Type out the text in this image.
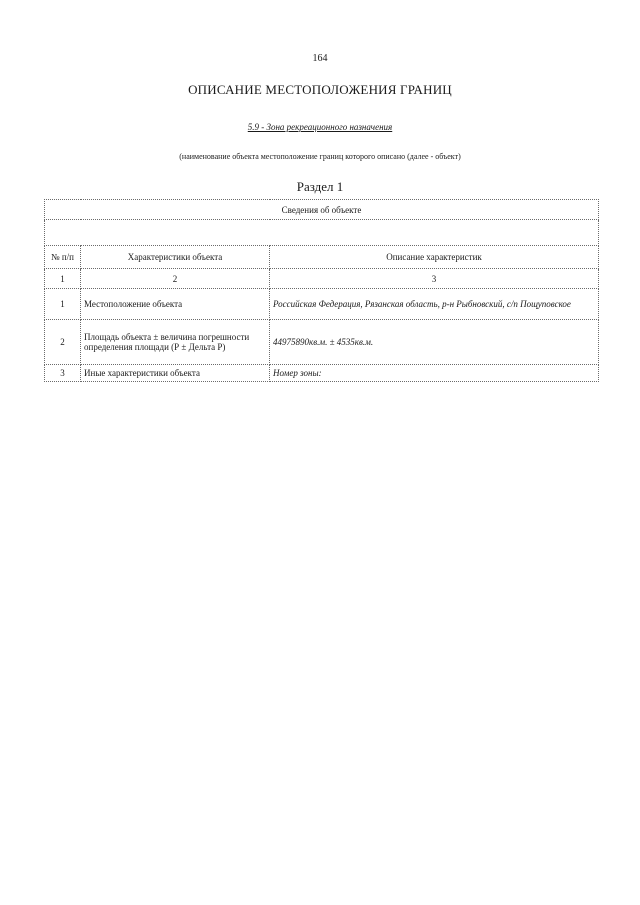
164
ОПИСАНИЕ МЕСТОПОЛОЖЕНИЯ ГРАНИЦ
5.9 - Зона рекреационного назначения
(наименование объекта местоположение границ которого описано (далее - объект)
Раздел 1
Сведения об объекте		

№ п/п	Характеристики объекта	Описание характеристик
1	2	3
1	Местоположение объекта	Российская Федерация, Рязанская область, р-н Рыбновский, с/п Пощуповское
2	Площадь объекта ± величина погрешности определения площади (Р ± Дельта Р)	44975890кв.м. ± 4535кв.м.
3	Иные характеристики объекта	Номер зоны:
